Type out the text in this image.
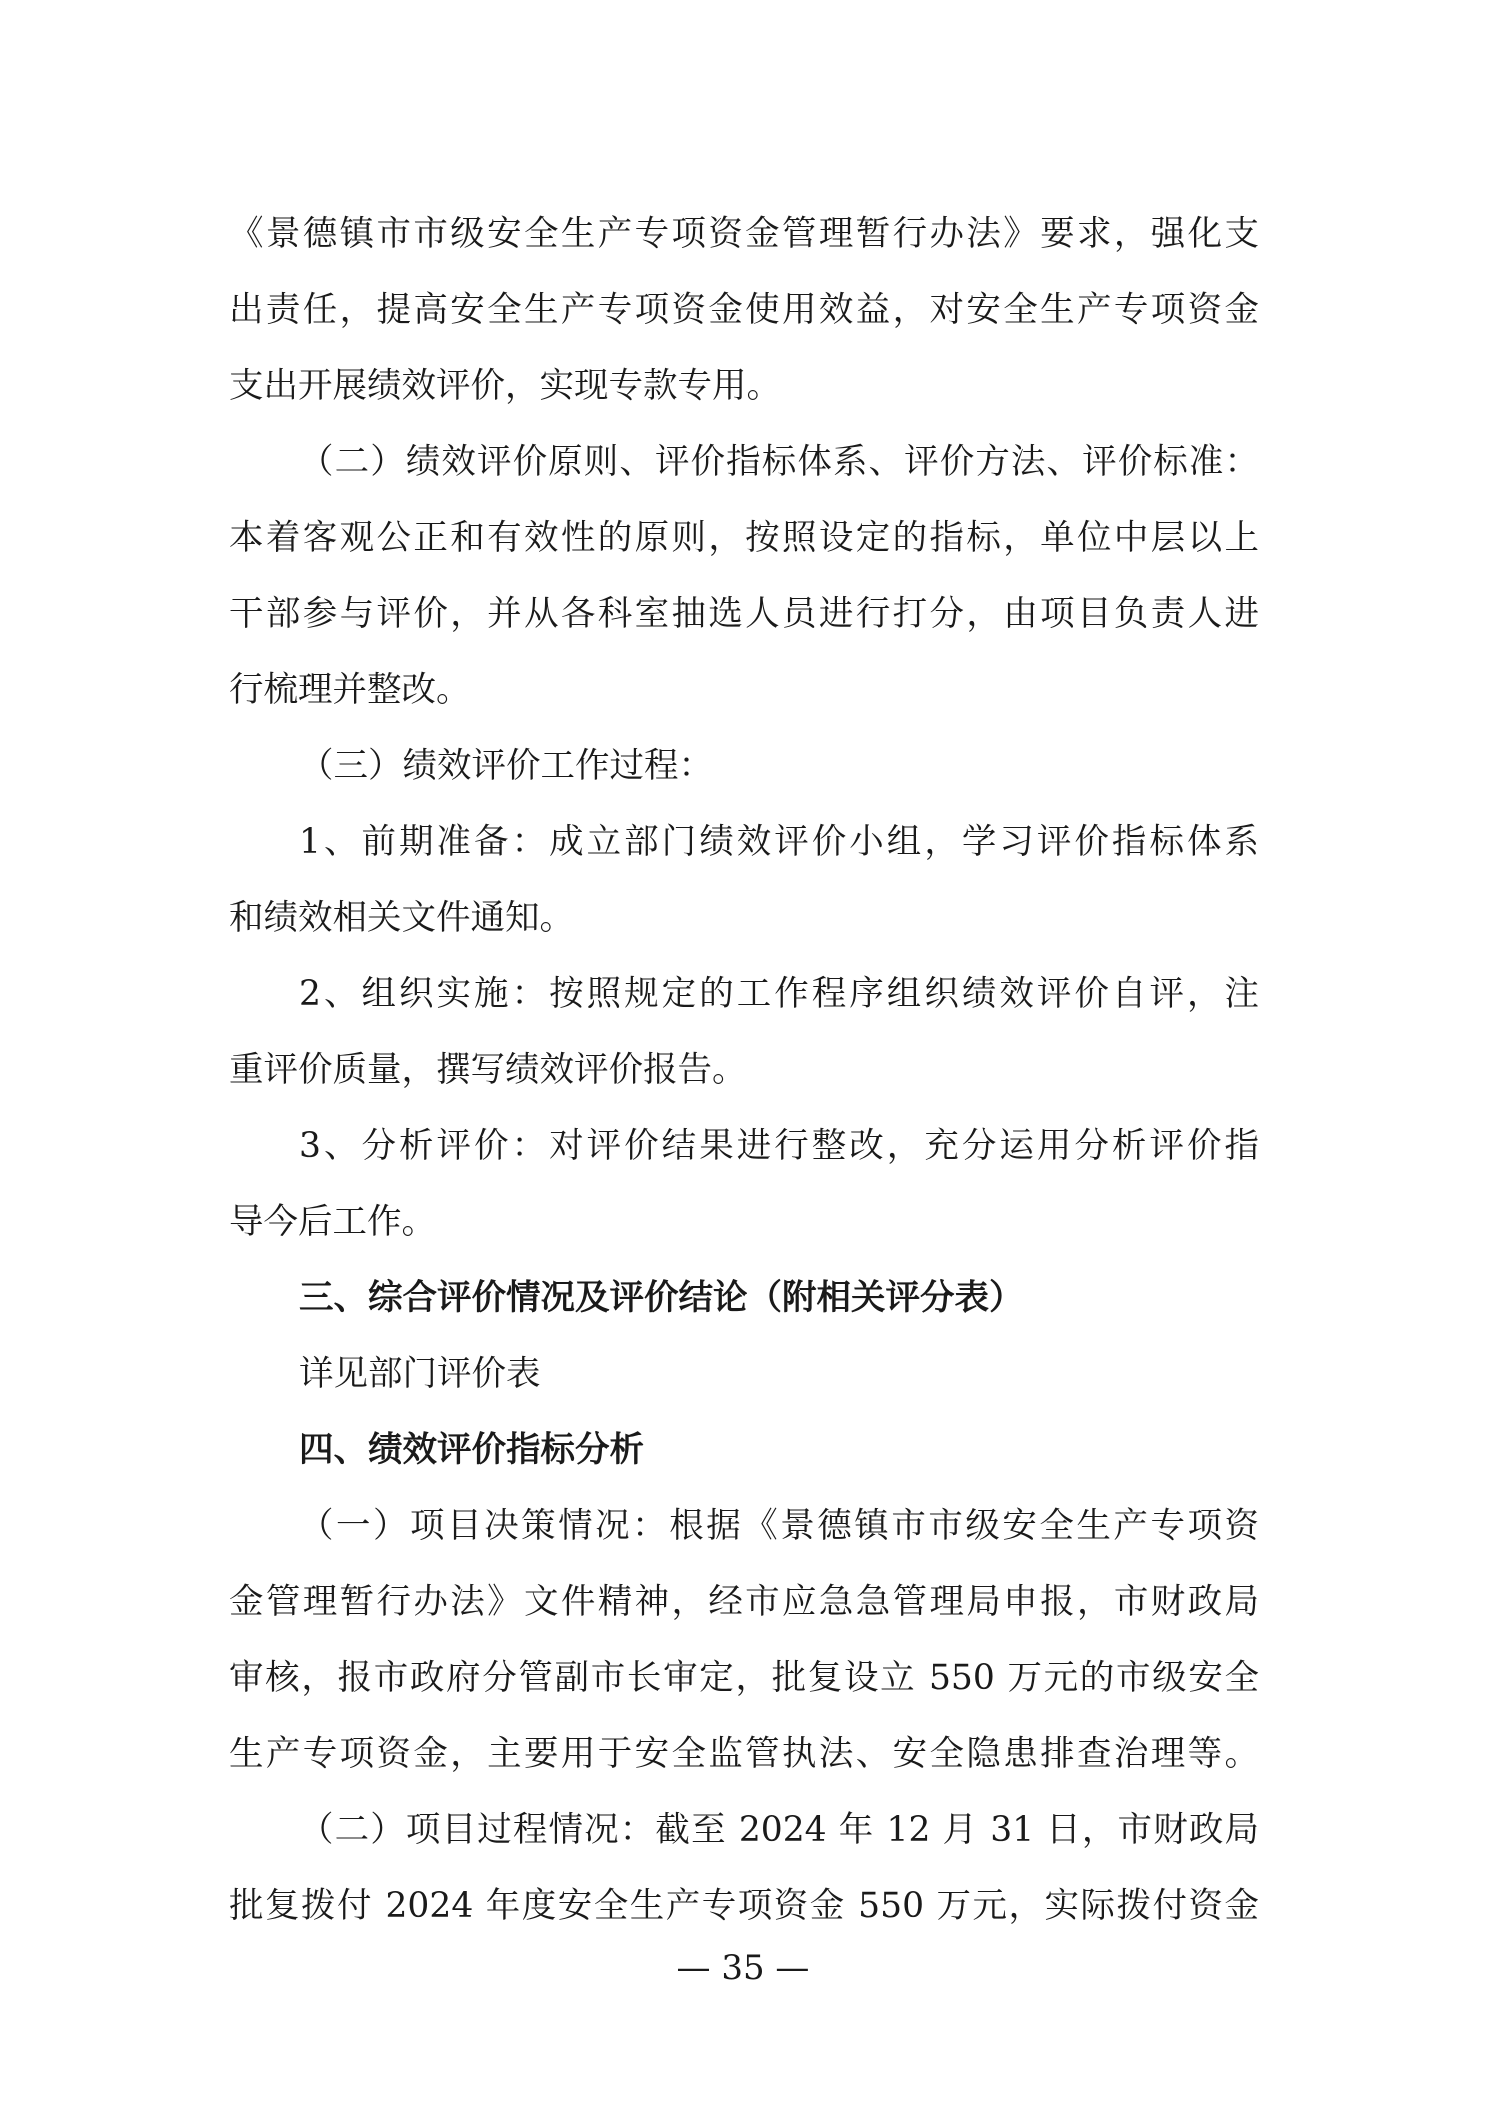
《景德镇市市级安全生产专项资金管理暂行办法》要求，强化支
出责任，提高安全生产专项资金使用效益，对安全生产专项资金
支出开展绩效评价，实现专款专用。
（二）绩效评价原则、评价指标体系、评价方法、评价标准：
本着客观公正和有效性的原则，按照设定的指标，单位中层以上
干部参与评价，并从各科室抽选人员进行打分，由项目负责人进
行梳理并整改。
（三）绩效评价工作过程：
1、前期准备：成立部门绩效评价小组，学习评价指标体系
和绩效相关文件通知。
2、组织实施：按照规定的工作程序组织绩效评价自评，注
重评价质量，撰写绩效评价报告。
3、分析评价：对评价结果进行整改，充分运用分析评价指
导今后工作。
三、综合评价情况及评价结论（附相关评分表）
详见部门评价表
四、绩效评价指标分析
（一）项目决策情况：根据《景德镇市市级安全生产专项资
金管理暂行办法》文件精神，经市应急急管理局申报，市财政局
审核，报市政府分管副市长审定，批复设立 550 万元的市级安全
生产专项资金，主要用于安全监管执法、安全隐患排查治理等。
（二）项目过程情况：截至 2024 年 12 月 31 日，市财政局
批复拨付 2024 年度安全生产专项资金 550 万元，实际拨付资金
— 35 —
